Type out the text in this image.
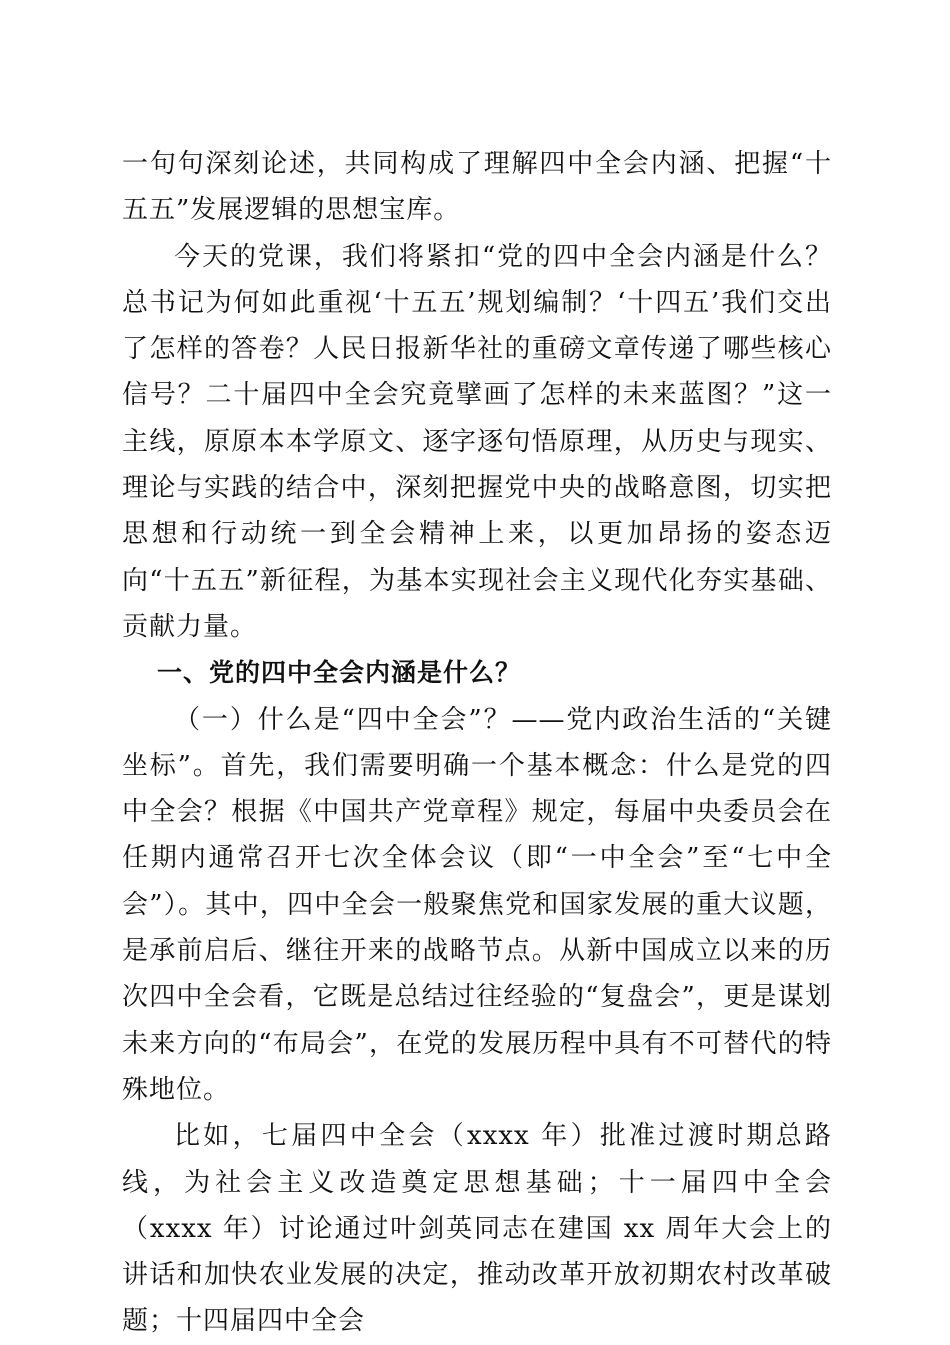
一句句深刻论述，共同构成了理解四中全会内涵、把握“十五五”发展逻辑的思想宝库。

今天的党课，我们将紧扣“党的四中全会内涵是什么？总书记为何如此重视‘十五五’规划编制？‘十四五’我们交出了怎样的答卷？人民日报新华社的重磅文章传递了哪些核心信号？二十届四中全会究竟擘画了怎样的未来蓝图？”这一主线，原原本本学原文、逐字逐句悟原理，从历史与现实、理论与实践的结合中，深刻把握党中央的战略意图，切实把思想和行动统一到全会精神上来，以更加昂扬的姿态迈向“十五五”新征程，为基本实现社会主义现代化夯实基础、贡献力量。

一、党的四中全会内涵是什么？

（一）什么是“四中全会”？——党内政治生活的“关键坐标”。首先，我们需要明确一个基本概念：什么是党的四中全会？根据《中国共产党章程》规定，每届中央委员会在任期内通常召开七次全体会议（即“一中全会”至“七中全会”）。其中，四中全会一般聚焦党和国家发展的重大议题，是承前启后、继往开来的战略节点。从新中国成立以来的历次四中全会看，它既是总结过往经验的“复盘会”，更是谋划未来方向的“布局会”，在党的发展历程中具有不可替代的特殊地位。

比如，七届四中全会（xxxx 年）批准过渡时期总路线，为社会主义改造奠定思想基础；十一届四中全会（xxxx 年）讨论通过叶剑英同志在建国 xx 周年大会上的讲话和加快农业发展的决定，推动改革开放初期农村改革破题；十四届四中全会
